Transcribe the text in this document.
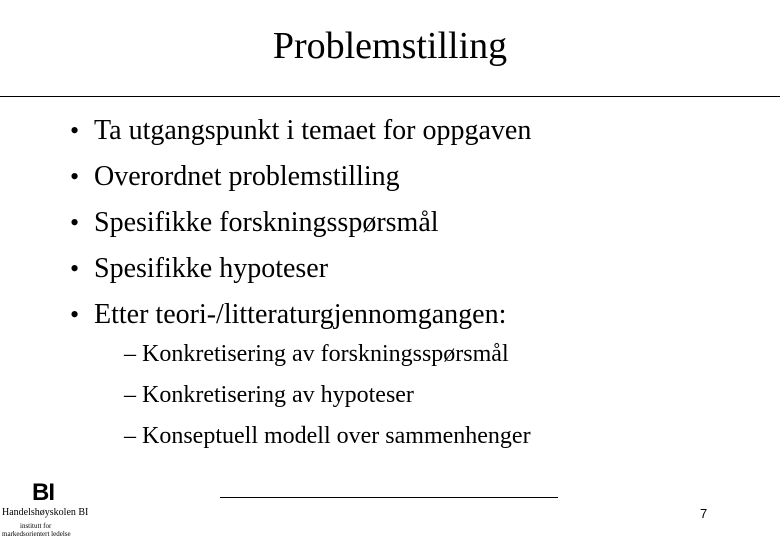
Problemstilling
• Ta utgangspunkt i temaet for oppgaven
• Overordnet problemstilling
• Spesifikke forskningsspørsmål
• Spesifikke hypoteser
• Etter teori-/litteraturgjennomgangen:
– Konkretisering av forskningsspørsmål
– Konkretisering av hypoteser
– Konseptuell modell over sammenhenger
7
BI
Handelshøyskolen BI
institutt for
markedsorientert ledelse
